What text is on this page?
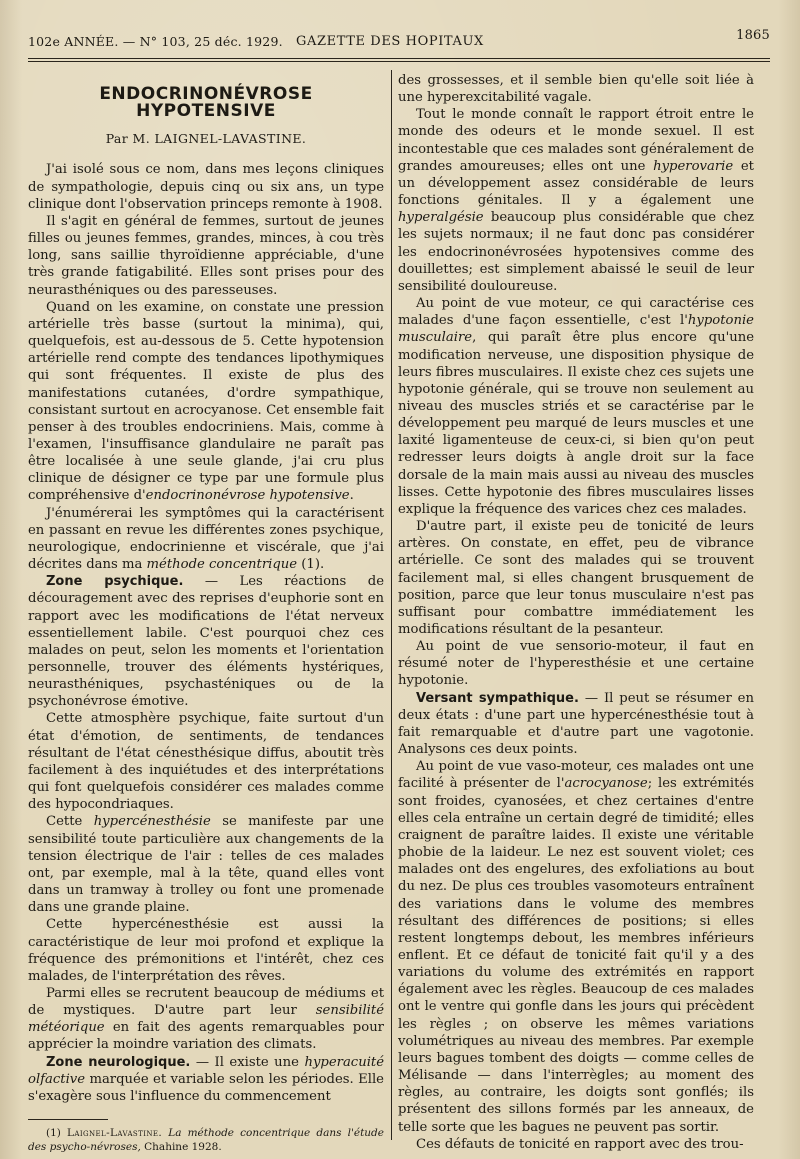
102e ANNÉE. — N° 103, 25 déc. 1929. GAZETTE DES HOPITAUX	1865
ENDOCRINONÉVROSE HYPOTENSIVE
Par M. LAIGNEL-LAVASTINE.

J'ai isolé sous ce nom, dans mes leçons cliniques de sympathologie, depuis cinq ou six ans, un type clinique dont l'observation princeps remonte à 1908.

Il s'agit en général de femmes, surtout de jeunes filles ou jeunes femmes, grandes, minces, à cou très long, sans saillie thyroïdienne appréciable, d'une très grande fatigabilité. Elles sont prises pour des neurasthéniques ou des paresseuses.

Quand on les examine, on constate une pression artérielle très basse (surtout la minima), qui, quelquefois, est au-dessous de 5. Cette hypotension artérielle rend compte des tendances lipothymiques qui sont fréquentes. Il existe de plus des manifestations cutanées, d'ordre sympathique, consistant surtout en acrocyanose. Cet ensemble fait penser à des troubles endocriniens. Mais, comme à l'examen, l'insuffisance glandulaire ne paraît pas être localisée à une seule glande, j'ai cru plus clinique de désigner ce type par une formule plus compréhensive d'endocrinonévrose hypotensive.

J'énumérerai les symptômes qui la caractérisent en passant en revue les différentes zones psychique, neurologique, endocrinienne et viscérale, que j'ai décrites dans ma méthode concentrique (1).

Zone psychique. — Les réactions de découragement avec des reprises d'euphorie sont en rapport avec les modifications de l'état nerveux essentiellement labile. C'est pourquoi chez ces malades on peut, selon les moments et l'orientation personnelle, trouver des éléments hystériques, neurasthéniques, psychasténiques ou de la psychonévrose émotive.

Cette atmosphère psychique, faite surtout d'un état d'émotion, de sentiments, de tendances résultant de l'état cénesthésique diffus, aboutit très facilement à des inquiétudes et des interprétations qui font quelquefois considérer ces malades comme des hypocondriaques.

Cette hypercénesthésie se manifeste par une sensibilité toute particulière aux changements de la tension électrique de l'air : telles de ces malades ont, par exemple, mal à la tête, quand elles vont dans un tramway à trolley ou font une promenade dans une grande plaine.

Cette hypercénesthésie est aussi la caractéristique de leur moi profond et explique la fréquence des prémonitions et l'intérêt, chez ces malades, de l'interprétation des rêves.

Parmi elles se recrutent beaucoup de médiums et de mystiques. D'autre part leur sensibilité météorique en fait des agents remarquables pour apprécier la moindre variation des climats.

Zone neurologique. — Il existe une hyperacuité olfactive marquée et variable selon les périodes. Elle s'exagère sous l'influence du commencement

(1) Laignel-Lavastine. La méthode concentrique dans l'étude des psycho-névroses, Chahine 1928.

des grossesses, et il semble bien qu'elle soit liée à une hyperexcitabilité vagale.

Tout le monde connaît le rapport étroit entre le monde des odeurs et le monde sexuel. Il est incontestable que ces malades sont généralement de grandes amoureuses; elles ont une hyperovarie et un développement assez considérable de leurs fonctions génitales. Il y a également une hyperalgésie beaucoup plus considérable que chez les sujets normaux; il ne faut donc pas considérer les endocrinonévrosées hypotensives comme des douillettes; est simplement abaissé le seuil de leur sensibilité douloureuse.

Au point de vue moteur, ce qui caractérise ces malades d'une façon essentielle, c'est l'hypotonie musculaire, qui paraît être plus encore qu'une modification nerveuse, une disposition physique de leurs fibres musculaires. Il existe chez ces sujets une hypotonie générale, qui se trouve non seulement au niveau des muscles striés et se caractérise par le développement peu marqué de leurs muscles et une laxité ligamenteuse de ceux-ci, si bien qu'on peut redresser leurs doigts à angle droit sur la face dorsale de la main mais aussi au niveau des muscles lisses. Cette hypotonie des fibres musculaires lisses explique la fréquence des varices chez ces malades.

D'autre part, il existe peu de tonicité de leurs artères. On constate, en effet, peu de vibrance artérielle. Ce sont des malades qui se trouvent facilement mal, si elles changent brusquement de position, parce que leur tonus musculaire n'est pas suffisant pour combattre immédiatement les modifications résultant de la pesanteur.

Au point de vue sensorio-moteur, il faut en résumé noter de l'hyperesthésie et une certaine hypotonie.

Versant sympathique. — Il peut se résumer en deux états : d'une part une hypercénesthésie tout à fait remarquable et d'autre part une vagotonie. Analysons ces deux points.

Au point de vue vaso-moteur, ces malades ont une facilité à présenter de l'acrocyanose; les extrémités sont froides, cyanosées, et chez certaines d'entre elles cela entraîne un certain degré de timidité; elles craignent de paraître laides. Il existe une véritable phobie de la laideur. Le nez est souvent violet; ces malades ont des engelures, des exfoliations au bout du nez. De plus ces troubles vasomoteurs entraînent des variations dans le volume des membres résultant des différences de positions; si elles restent longtemps debout, les membres inférieurs enflent. Et ce défaut de tonicité fait qu'il y a des variations du volume des extrémités en rapport également avec les règles. Beaucoup de ces malades ont le ventre qui gonfle dans les jours qui précèdent les règles ; on observe les mêmes variations volumétriques au niveau des membres. Par exemple leurs bagues tombent des doigts — comme celles de Mélisande — dans l'interrègles; au moment des règles, au contraire, les doigts sont gonflés; ils présentent des sillons formés par les anneaux, de telle sorte que les bagues ne peuvent pas sortir.

Ces défauts de tonicité en rapport avec des trou-
